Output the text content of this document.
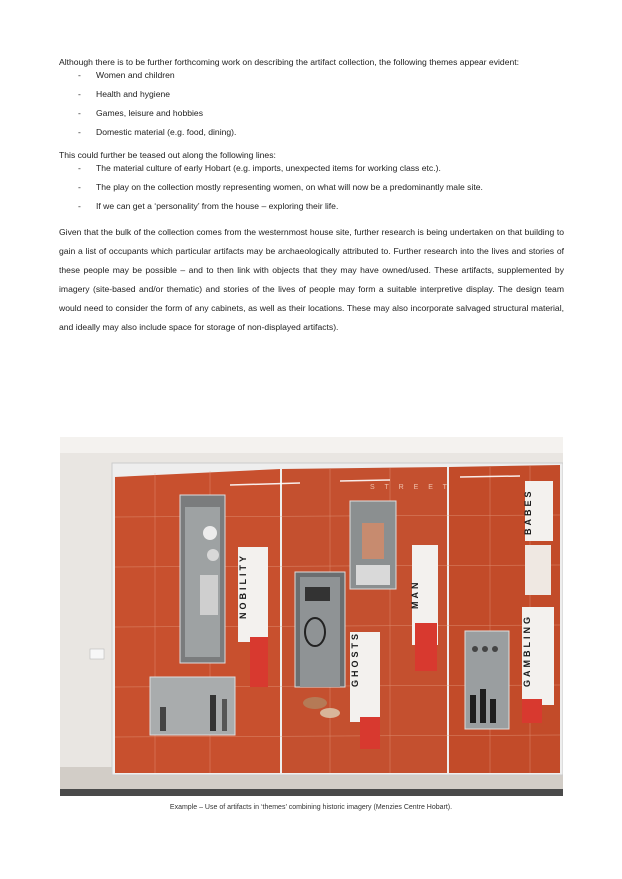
Although there is to be further forthcoming work on describing the artifact collection, the following themes appear evident:

- Women and children
- Health and hygiene
- Games, leisure and hobbies
- Domestic material (e.g. food, dining).

This could further be teased out along the following lines:

- The material culture of early Hobart (e.g. imports, unexpected items for working class etc.).
- The play on the collection mostly representing women, on what will now be a predominantly male site.
- If we can get a ‘personality’ from the house – exploring their life.

Given that the bulk of the collection comes from the westernmost house site, further research is being undertaken on that building to gain a list of occupants which particular artifacts may be archaeologically attributed to. Further research into the lives and stories of these people may be possible – and to then link with objects that they may have owned/used. These artifacts, supplemented by imagery (site-based and/or thematic) and stories of the lives of people may form a suitable interpretive display. The design team would need to consider the form of any cabinets, as well as their locations. These may also incorporate salvaged structural material, and ideally may also include space for storage of non-displayed artifacts).

S T R E E T
NOBILITY
GHOSTS
MAN
BABES
GAMBLING
Example – Use of artifacts in ‘themes’ combining historic imagery (Menzies Centre Hobart).
